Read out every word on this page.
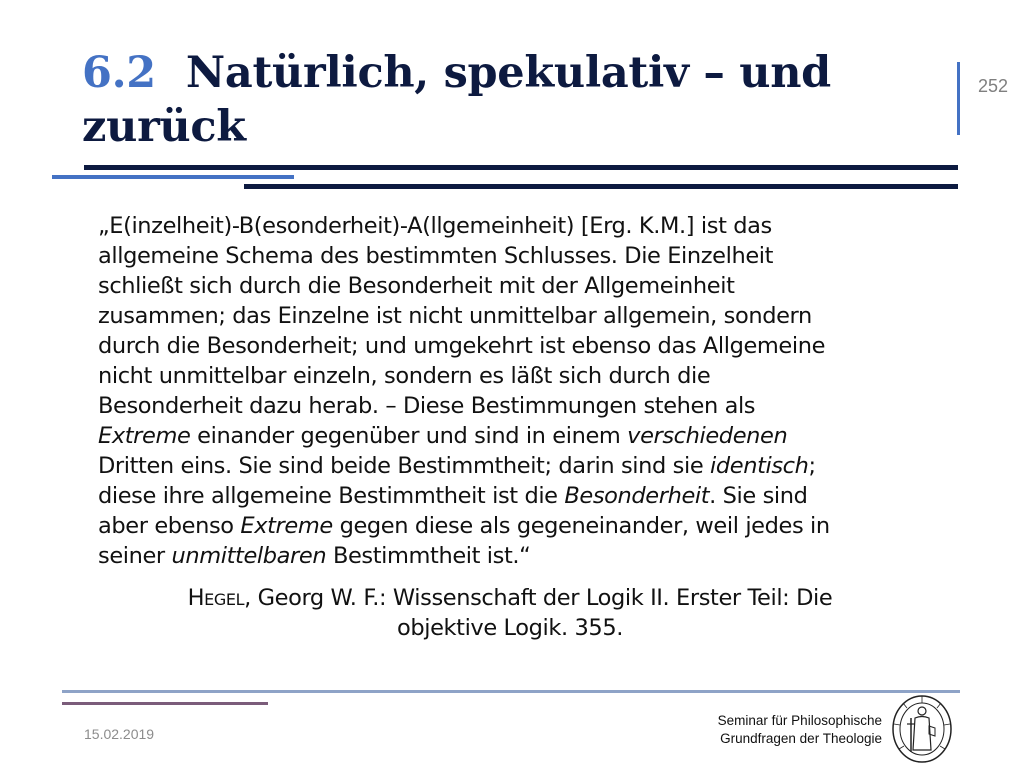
6.2 Natürlich, spekulativ – und zurück
252
„E(inzelheit)-B(esonderheit)-A(llgemeinheit) [Erg. K.M.] ist das
allgemeine Schema des bestimmten Schlusses. Die Einzelheit
schließt sich durch die Besonderheit mit der Allgemeinheit
zusammen; das Einzelne ist nicht unmittelbar allgemein, sondern
durch die Besonderheit; und umgekehrt ist ebenso das Allgemeine
nicht unmittelbar einzeln, sondern es läßt sich durch die
Besonderheit dazu herab. – Diese Bestimmungen stehen als
Extreme einander gegenüber und sind in einem verschiedenen
Dritten eins. Sie sind beide Bestimmtheit; darin sind sie identisch;
diese ihre allgemeine Bestimmtheit ist die Besonderheit. Sie sind
aber ebenso Extreme gegen diese als gegeneinander, weil jedes in
seiner unmittelbaren Bestimmtheit ist.“
Hegel, Georg W. F.: Wissenschaft der Logik II. Erster Teil: Die
objektive Logik. 355.
15.02.2019
Seminar für Philosophische
Grundfragen der Theologie
